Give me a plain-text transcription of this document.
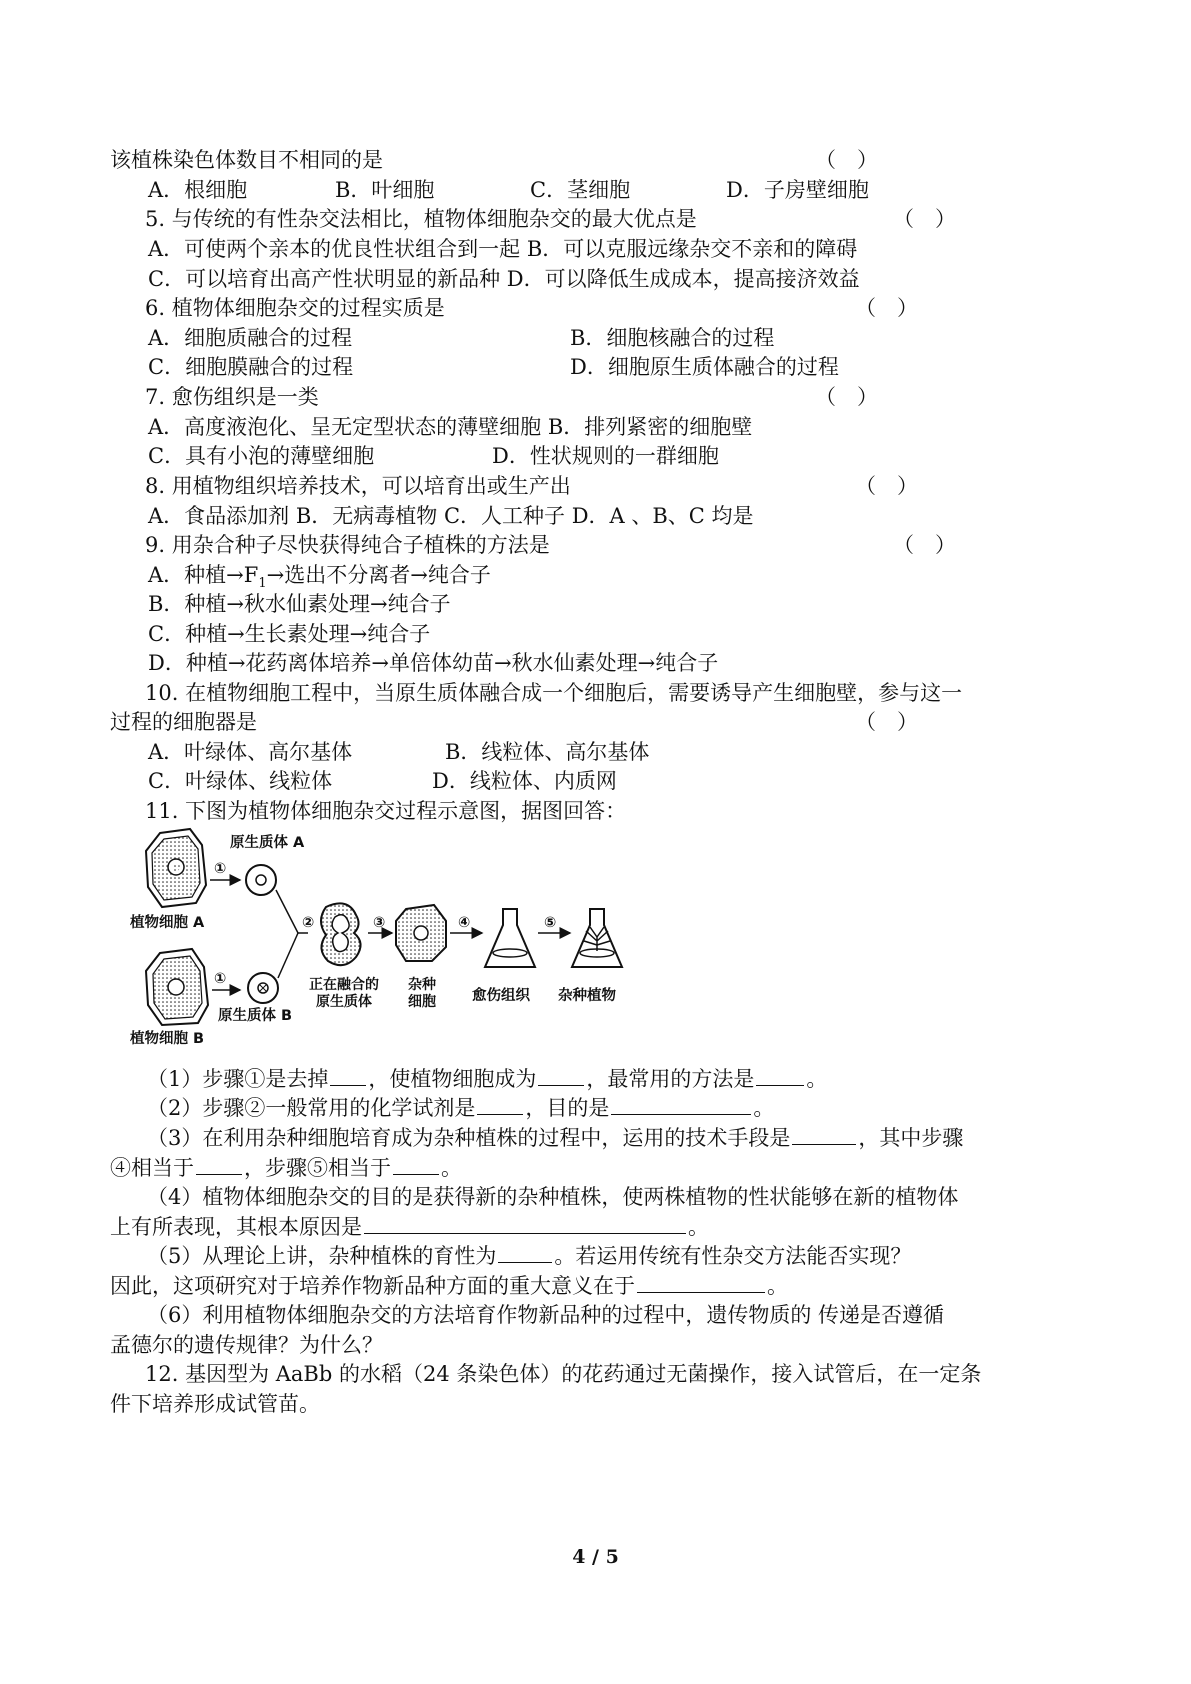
该植株染色体数目不相同的是	（　）
A．根细胞	B．叶细胞	C．茎细胞	D．子房壁细胞
5. 与传统的有性杂交法相比，植物体细胞杂交的最大优点是	（　）
A．可使两个亲本的优良性状组合到一起 B．可以克服远缘杂交不亲和的障碍
C．可以培育出高产性状明显的新品种 D．可以降低生成成本，提高接济效益
6. 植物体细胞杂交的过程实质是	（　）
A．细胞质融合的过程	B．细胞核融合的过程
C．细胞膜融合的过程	D．细胞原生质体融合的过程
7. 愈伤组织是一类	（　）
A．高度液泡化、呈无定型状态的薄壁细胞 B．排列紧密的细胞壁
C．具有小泡的薄壁细胞	D．性状规则的一群细胞
8. 用植物组织培养技术，可以培育出或生产出	（　）
A．食品添加剂 B．无病毒植物 C．人工种子 D．A 、B、C 均是
9. 用杂合种子尽快获得纯合子植株的方法是	（　）
A．种植$\to F_1\to$选出不分离者→纯合子
B．种植→秋水仙素处理→纯合子
C．种植→生长素处理→纯合子
D．种植→花药离体培养→单倍体幼苗→秋水仙素处理→纯合子
10. 在植物细胞工程中，当原生质体融合成一个细胞后，需要诱导产生细胞壁，参与这一
过程的细胞器是	（　）
A．叶绿体、高尔基体	B．线粒体、高尔基体
C．叶绿体、线粒体	D．线粒体、内质网
11. 下图为植物体细胞杂交过程示意图，据图回答：
原生质体 A
①
植物细胞 A	②	③	④	⑤
①	正在融合的
原生质体
杂种
细胞	愈伤组织 杂种植物
原生质体 B
植物细胞 B
（1）步骤①是去掉 ，使植物细胞成为 ，最常用的方法是 。
（2）步骤②一般常用的化学试剂是 ，目的是	。
（3）在利用杂种细胞培育成为杂种植株的过程中，运用的技术手段是	，其中步骤
④相当于 ，步骤⑤相当于 。
（4）植物体细胞杂交的目的是获得新的杂种植株，使两株植物的性状能够在新的植物体
上有所表现，其根本原因是	。
（5）从理论上讲，杂种植株的育性为	。若运用传统有性杂交方法能否实现？
因此，这项研究对于培养作物新品种方面的重大意义在于	。
（6）利用植物体细胞杂交的方法培育作物新品种的过程中，遗传物质的 传递是否遵循
孟德尔的遗传规律？为什么？
12. 基因型为 AaBb 的水稻（24 条染色体）的花药通过无菌操作，接入试管后，在一定条
件下培养形成试管苗。
4 / 5
